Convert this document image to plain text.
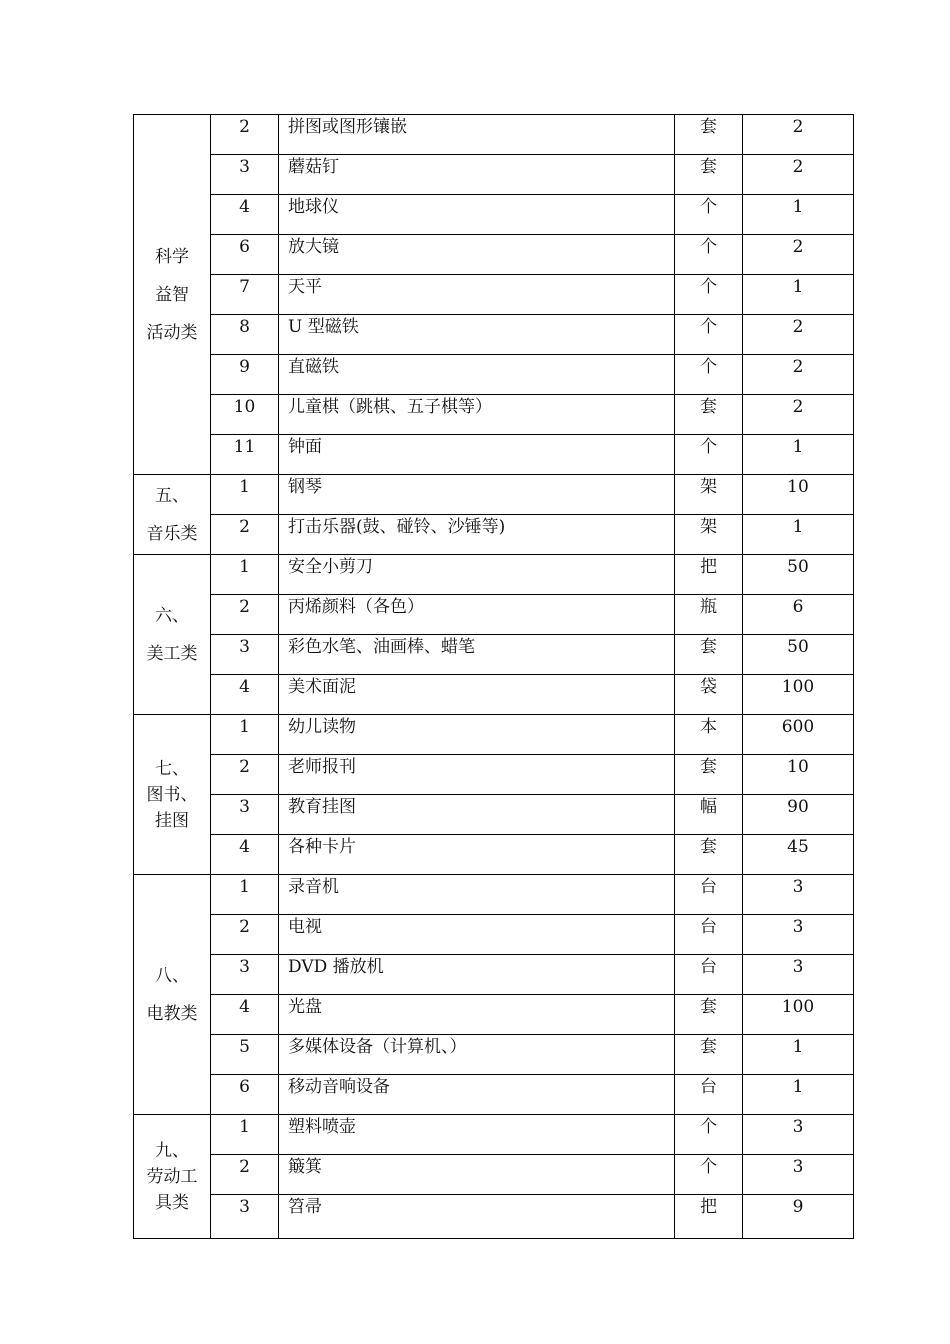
科学
益智
活动类	2	拼图或图形镶嵌	套	2
	3	蘑菇钉	套	2
	4	地球仪	个	1
	6	放大镜	个	2
	7	天平	个	1
	8	U 型磁铁	个	2
	9	直磁铁	个	2
	10	儿童棋（跳棋、五子棋等）	套	2
	11	钟面	个	1

五、
音乐类	1	钢琴	架	10
	2	打击乐器(鼓、碰铃、沙锤等)	架	1

六、
美工类	1	安全小剪刀	把	50
	2	丙烯颜料（各色）	瓶	6
	3	彩色水笔、油画棒、蜡笔	套	50
	4	美术面泥	袋	100

七、
图书、
挂图	1	幼儿读物	本	600
	2	老师报刊	套	10
	3	教育挂图	幅	90
	4	各种卡片	套	45

八、
电教类	1	录音机	台	3
	2	电视	台	3
	3	DVD 播放机	台	3
	4	光盘	套	100
	5	多媒体设备（计算机、）	套	1
	6	移动音响设备	台	1

九、
劳动工
具类	1	塑料喷壶	个	3
	2	簸箕	个	3
	3	笤帚	把	9
